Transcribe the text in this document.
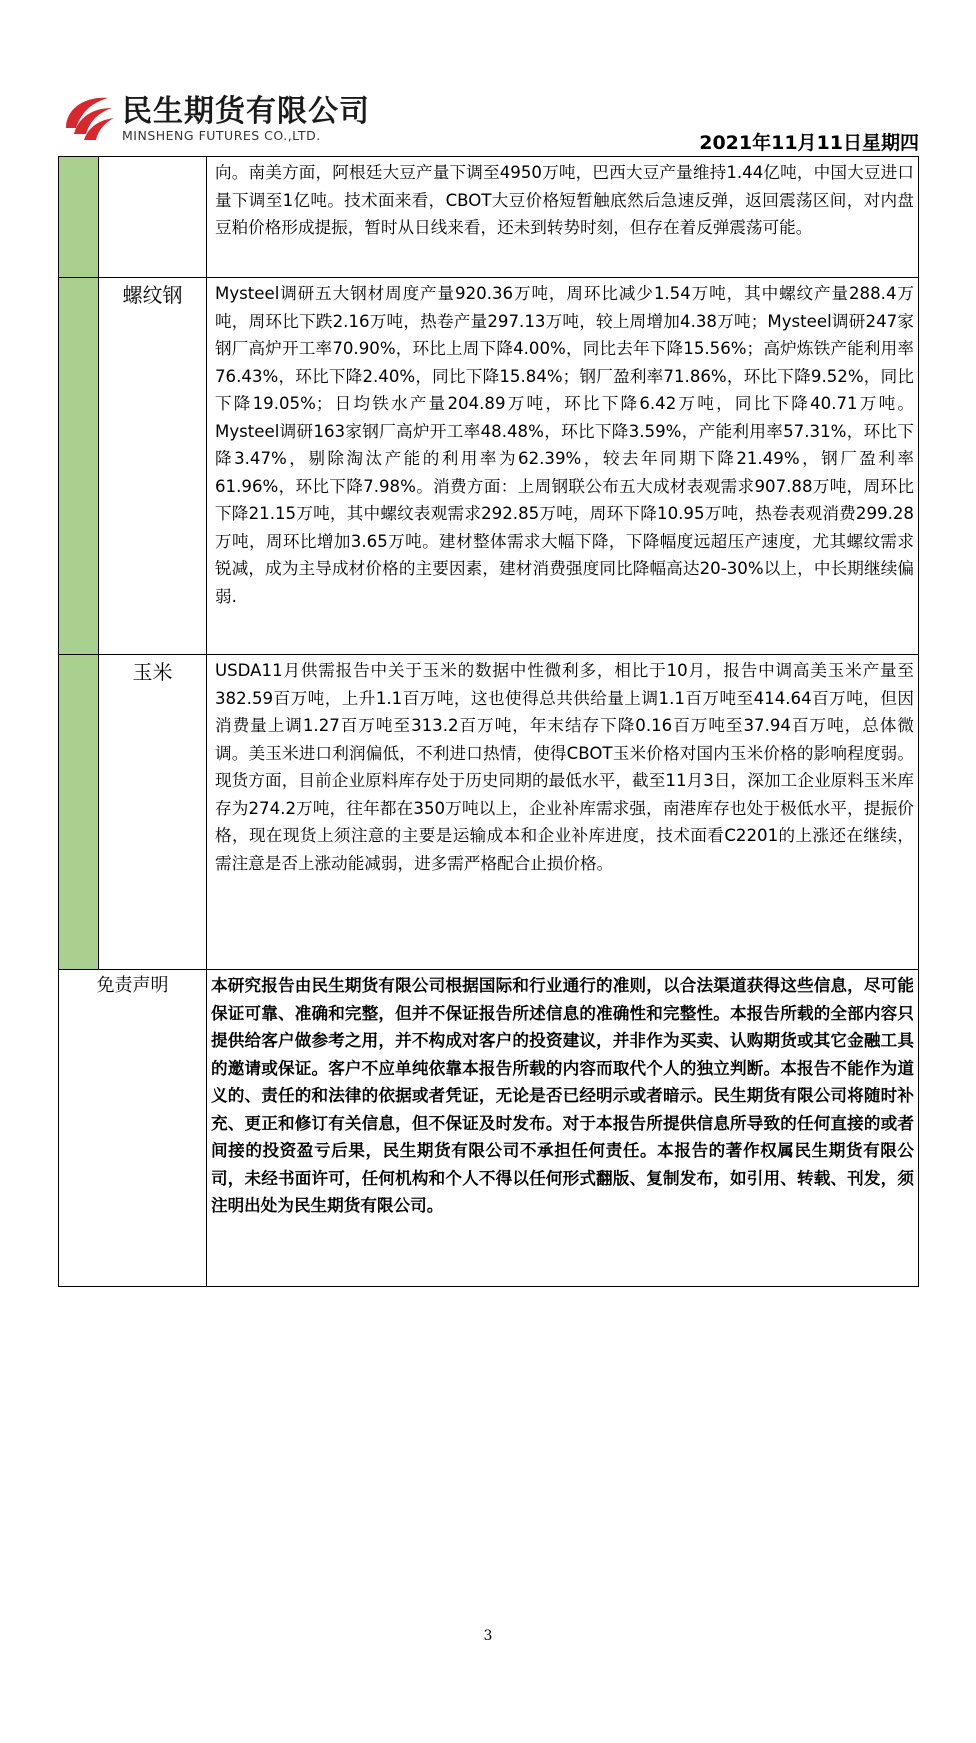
民生期货有限公司
MINSHENG FUTURES CO.,LTD.	2021年11月11日星期四
		向。南美方面，阿根廷大豆产量下调至4950万吨，巴西大豆产量维持1.44亿吨，中国大豆进口量下调至1亿吨。技术面来看，CBOT大豆价格短暂触底然后急速反弹，返回震荡区间，对内盘豆粕价格形成提振，暂时从日线来看，还未到转势时刻，但存在着反弹震荡可能。
	螺纹钢	Mysteel调研五大钢材周度产量920.36万吨，周环比减少1.54万吨，其中螺纹产量288.4万吨，周环比下跌2.16万吨，热卷产量297.13万吨，较上周增加4.38万吨；Mysteel调研247家钢厂高炉开工率70.90%，环比上周下降4.00%，同比去年下降15.56%；高炉炼铁产能利用率76.43%，环比下降2.40%，同比下降15.84%；钢厂盈利率71.86%，环比下降9.52%，同比下降19.05%；日均铁水产量204.89万吨，环比下降6.42万吨，同比下降40.71万吨。Mysteel调研163家钢厂高炉开工率48.48%，环比下降3.59%，产能利用率57.31%，环比下降3.47%，剔除淘汰产能的利用率为62.39%，较去年同期下降21.49%，钢厂盈利率61.96%，环比下降7.98%。消费方面：上周钢联公布五大成材表观需求907.88万吨，周环比下降21.15万吨，其中螺纹表观需求292.85万吨，周环下降10.95万吨，热卷表观消费299.28万吨，周环比增加3.65万吨。建材整体需求大幅下降，下降幅度远超压产速度，尤其螺纹需求锐减，成为主导成材价格的主要因素，建材消费强度同比降幅高达20-30%以上，中长期继续偏弱.
	玉米	USDA11月供需报告中关于玉米的数据中性微利多，相比于10月，报告中调高美玉米产量至382.59百万吨，上升1.1百万吨，这也使得总共供给量上调1.1百万吨至414.64百万吨，但因消费量上调1.27百万吨至313.2百万吨，年末结存下降0.16百万吨至37.94百万吨，总体微调。美玉米进口利润偏低，不利进口热情，使得CBOT玉米价格对国内玉米价格的影响程度弱。现货方面，目前企业原料库存处于历史同期的最低水平，截至11月3日，深加工企业原料玉米库存为274.2万吨，往年都在350万吨以上，企业补库需求强，南港库存也处于极低水平，提振价格，现在现货上须注意的主要是运输成本和企业补库进度，技术面看C2201的上涨还在继续，需注意是否上涨动能减弱，进多需严格配合止损价格。
免责声明		本研究报告由民生期货有限公司根据国际和行业通行的准则，以合法渠道获得这些信息，尽可能保证可靠、准确和完整，但并不保证报告所述信息的准确性和完整性。本报告所载的全部内容只提供给客户做参考之用，并不构成对客户的投资建议，并非作为买卖、认购期货或其它金融工具的邀请或保证。客户不应单纯依靠本报告所载的内容而取代个人的独立判断。本报告不能作为道义的、责任的和法律的依据或者凭证，无论是否已经明示或者暗示。民生期货有限公司将随时补充、更正和修订有关信息，但不保证及时发布。对于本报告所提供信息所导致的任何直接的或者间接的投资盈亏后果，民生期货有限公司不承担任何责任。本报告的著作权属民生期货有限公司，未经书面许可，任何机构和个人不得以任何形式翻版、复制发布，如引用、转载、刊发，须注明出处为民生期货有限公司。
3
